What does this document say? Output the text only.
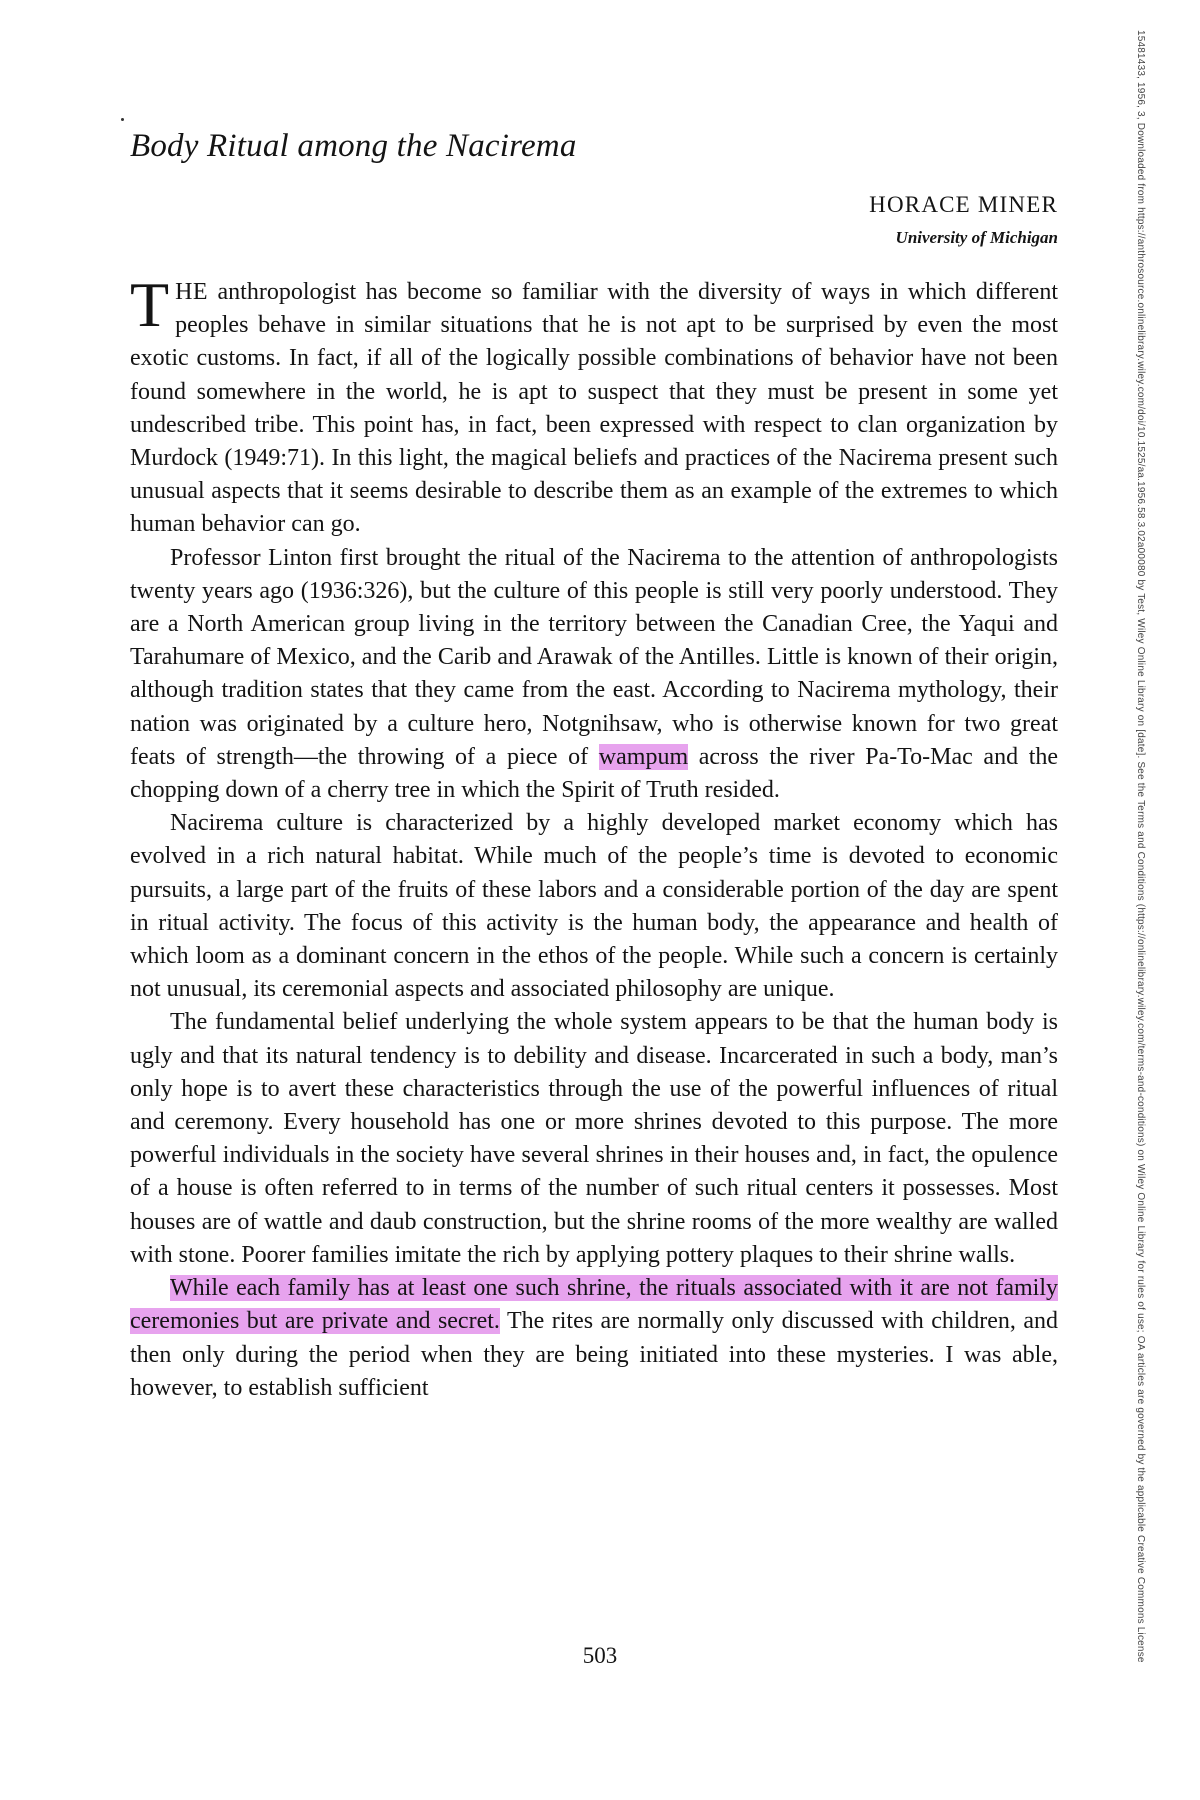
Body Ritual among the Nacirema
HORACE MINER
University of Michigan

THE anthropologist has become so familiar with the diversity of ways in which different peoples behave in similar situations that he is not apt to be surprised by even the most exotic customs. In fact, if all of the logically possible combinations of behavior have not been found somewhere in the world, he is apt to suspect that they must be present in some yet undescribed tribe. This point has, in fact, been expressed with respect to clan organization by Murdock (1949:71). In this light, the magical beliefs and practices of the Nacirema present such unusual aspects that it seems desirable to describe them as an example of the extremes to which human behavior can go.

Professor Linton first brought the ritual of the Nacirema to the attention of anthropologists twenty years ago (1936:326), but the culture of this people is still very poorly understood. They are a North American group living in the territory between the Canadian Cree, the Yaqui and Tarahumare of Mexico, and the Carib and Arawak of the Antilles. Little is known of their origin, although tradition states that they came from the east. According to Nacirema mythology, their nation was originated by a culture hero, Notgnihsaw, who is otherwise known for two great feats of strength—the throwing of a piece of wampum across the river Pa-To-Mac and the chopping down of a cherry tree in which the Spirit of Truth resided.

Nacirema culture is characterized by a highly developed market economy which has evolved in a rich natural habitat. While much of the people’s time is devoted to economic pursuits, a large part of the fruits of these labors and a considerable portion of the day are spent in ritual activity. The focus of this activity is the human body, the appearance and health of which loom as a dominant concern in the ethos of the people. While such a concern is certainly not unusual, its ceremonial aspects and associated philosophy are unique.

The fundamental belief underlying the whole system appears to be that the human body is ugly and that its natural tendency is to debility and disease. Incarcerated in such a body, man’s only hope is to avert these characteristics through the use of the powerful influences of ritual and ceremony. Every household has one or more shrines devoted to this purpose. The more powerful individuals in the society have several shrines in their houses and, in fact, the opulence of a house is often referred to in terms of the number of such ritual centers it possesses. Most houses are of wattle and daub construction, but the shrine rooms of the more wealthy are walled with stone. Poorer families imitate the rich by applying pottery plaques to their shrine walls.

While each family has at least one such shrine, the rituals associated with it are not family ceremonies but are private and secret. The rites are normally only discussed with children, and then only during the period when they are being initiated into these mysteries. I was able, however, to establish sufficient

503	15481433, 1956, 3, Downloaded from https://anthrosource.onlinelibrary.wiley.com/doi/10.1525/aa.1956.58.3.02a00080 by Test, Wiley Online Library on [date]. See the Terms and Conditions (https://onlinelibrary.wiley.com/terms-and-conditions) on Wiley Online Library for rules of use; OA articles are governed by the applicable Creative Commons License
